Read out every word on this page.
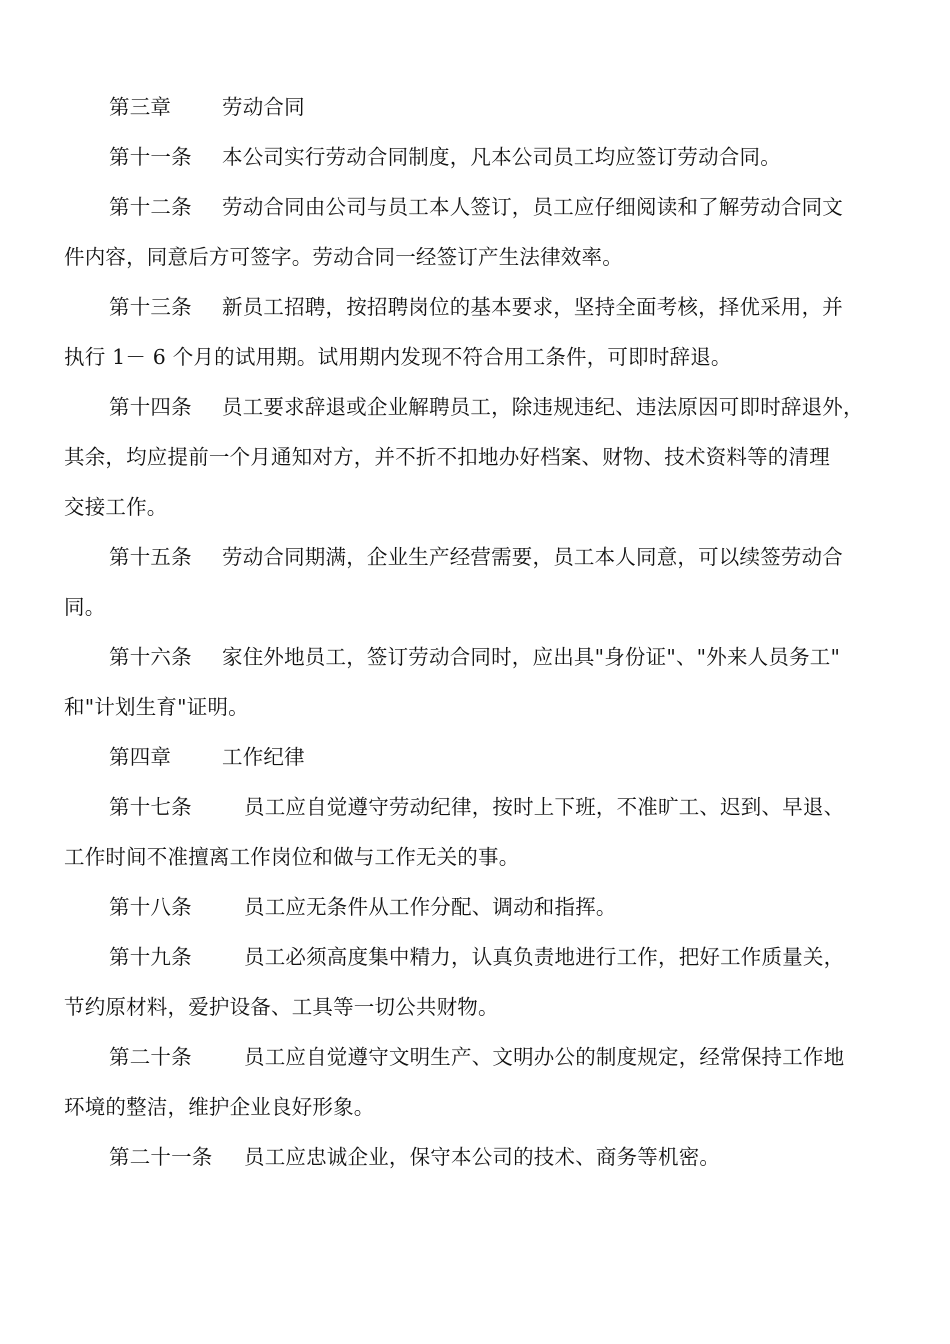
第三章 劳动合同
第十一条 本公司实行劳动合同制度，凡本公司员工均应签订劳动合同。
第十二条 劳动合同由公司与员工本人签订，员工应仔细阅读和了解劳动合同文
件内容，同意后方可签字。劳动合同一经签订产生法律效率。
第十三条 新员工招聘，按招聘岗位的基本要求，坚持全面考核，择优采用，并
执行 1－ 6 个月的试用期。试用期内发现不符合用工条件，可即时辞退。
第十四条 员工要求辞退或企业解聘员工，除违规违纪、违法原因可即时辞退外，
其余，均应提前一个月通知对方，并不折不扣地办好档案、财物、技术资料等的清理
交接工作。
第十五条 劳动合同期满，企业生产经营需要，员工本人同意，可以续签劳动合
同。
第十六条 家住外地员工，签订劳动合同时，应出具"身份证"、"外来人员务工"
和"计划生育"证明。
第四章 工作纪律
第十七条	员工应自觉遵守劳动纪律，按时上下班，不准旷工、迟到、早退、
工作时间不准擅离工作岗位和做与工作无关的事。
第十八条	员工应无条件从工作分配、调动和指挥。
第十九条	员工必须高度集中精力，认真负责地进行工作，把好工作质量关，
节约原材料，爱护设备、工具等一切公共财物。
第二十条	员工应自觉遵守文明生产、文明办公的制度规定，经常保持工作地
环境的整洁，维护企业良好形象。
第二十一条 员工应忠诚企业，保守本公司的技术、商务等机密。
